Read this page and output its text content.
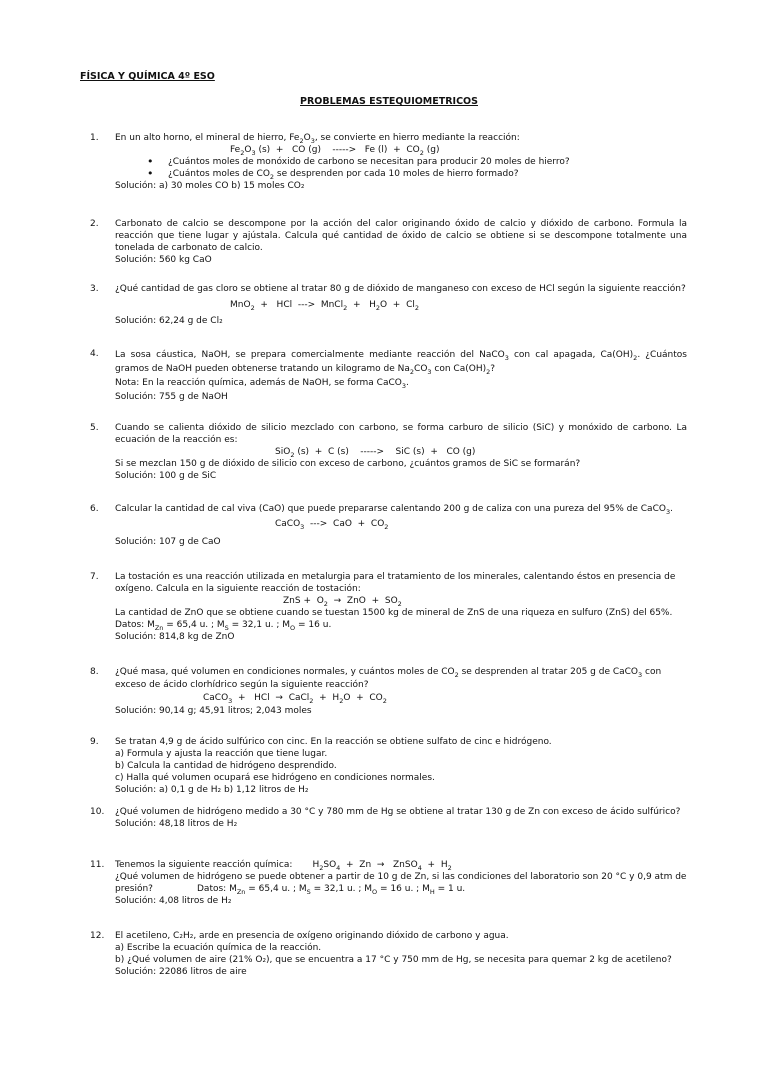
FÍSICA Y QUÍMICA 4º ESO
PROBLEMAS ESTEQUIOMETRICOS
1.	En un alto horno, el mineral de hierro, $Fe_2O_3$, se convierte en hierro mediante la reacción:
$Fe_2O_3$ (s)  +   CO (g)    ----->   Fe $(l) + CO_2$ (g)
• ¿Cuántos moles de monóxido de carbono se necesitan para producir 20 moles de hierro?
• ¿Cuántos moles de $CO_2$ se desprenden por cada 10 moles de hierro formado?
Solución: a) 30 moles CO b) 15 moles CO₂
2.	Carbonato de calcio se descompone por la acción del calor originando óxido de calcio y dióxido de carbono. Formula la reacción que tiene lugar y ajústala. Calcula qué cantidad de óxido de calcio se obtiene si se descompone totalmente una tonelada de carbonato de calcio.
Solución: 560 kg CaO
3.	¿Qué cantidad de gas cloro se obtiene al tratar 80 g de dióxido de manganeso con exceso de HCl según la siguiente reacción?
MnO$_2$  +   HCl  --->  MnCl$_2$  +   $H_2O + Cl_2$
Solución: 62,24 g de Cl₂
4.	La sosa cáustica, NaOH, se prepara comercialmente mediante reacción del NaCO$_3$ con cal apagada, $Ca(OH)_2$. ¿Cuántos gramos de NaOH pueden obtenerse tratando un kilogramo de $Na_2CO_3$ con $Ca(OH)_2$?
Nota: En la reacción química, además de NaOH, se forma CaCO$_3$.
Solución: 755 g de NaOH
5.	Cuando se calienta dióxido de silicio mezclado con carbono, se forma carburo de silicio (SiC) y monóxido de carbono. La ecuación de la reacción es:
SiO$_2$ (s)  +  C (s)    ----->    SiC (s)  +   CO (g)
Si se mezclan 150 g de dióxido de silicio con exceso de carbono, ¿cuántos gramos de SiC se formarán?
Solución: 100 g de SiC
6.	Calcular la cantidad de cal viva (CaO) que puede prepararse calentando 200 g de caliza con una pureza del 95% de CaCO$_3$.
CaCO$_3$  --->  CaO  +  $CO_2$
Solución: 107 g de CaO
7.	La tostación es una reacción utilizada en metalurgia para el tratamiento de los minerales, calentando éstos en presencia de oxígeno. Calcula en la siguiente reacción de tostación:
ZnS +  $O_2$  →  ZnO  +  $SO_2$
La cantidad de ZnO que se obtiene cuando se tuestan 1500 kg de mineral de ZnS de una riqueza en sulfuro (ZnS) del 65%.
Datos: $M_{Zn} = 65,4$ u. ; $M_S = 32,1$ u. ; $M_O = 16$ u.
Solución: 814,8 kg de ZnO
8.	¿Qué masa, qué volumen en condiciones normales, y cuántos moles de $CO_2$ se desprenden al tratar 205 g de CaCO$_3$ con exceso de ácido clorhídrico según la siguiente reacción?
CaCO$_3$  +   HCl  →  CaCl$_2$  +  $H_2O + CO_2$
Solución: 90,14 g; 45,91 litros; 2,043 moles
9.	Se tratan 4,9 g de ácido sulfúrico con cinc. En la reacción se obtiene sulfato de cinc e hidrógeno.
a) Formula y ajusta la reacción que tiene lugar.
b) Calcula la cantidad de hidrógeno desprendido.
c) Halla qué volumen ocupará ese hidrógeno en condiciones normales.
Solución: a) 0,1 g de H₂ b) 1,12 litros de H₂
10.	¿Qué volumen de hidrógeno medido a 30 °C y 780 mm de Hg se obtiene al tratar 130 g de Zn con exceso de ácido sulfúrico?
Solución: 48,18 litros de H₂
11.	Tenemos la siguiente reacción química:       $H_2SO_4 + Zn$  →   ZnSO$_4$  +  $H_2$
¿Qué volumen de hidrógeno se puede obtener a partir de 10 g de Zn, si las condiciones del laboratorio son 20 °C y 0,9 atm de presión?	Datos: $M_{Zn} = 65,4$ u. ; $M_S = 32,1$ u. ; $M_O = 16$ u. ; $M_H = 1$ u.
Solución: 4,08 litros de H₂
12.	El acetileno, C₂H₂, arde en presencia de oxígeno originando dióxido de carbono y agua.
a) Escribe la ecuación química de la reacción.
b) ¿Qué volumen de aire (21% O₂), que se encuentra a 17 °C y 750 mm de Hg, se necesita para quemar 2 kg de acetileno?
Solución: 22086 litros de aire
